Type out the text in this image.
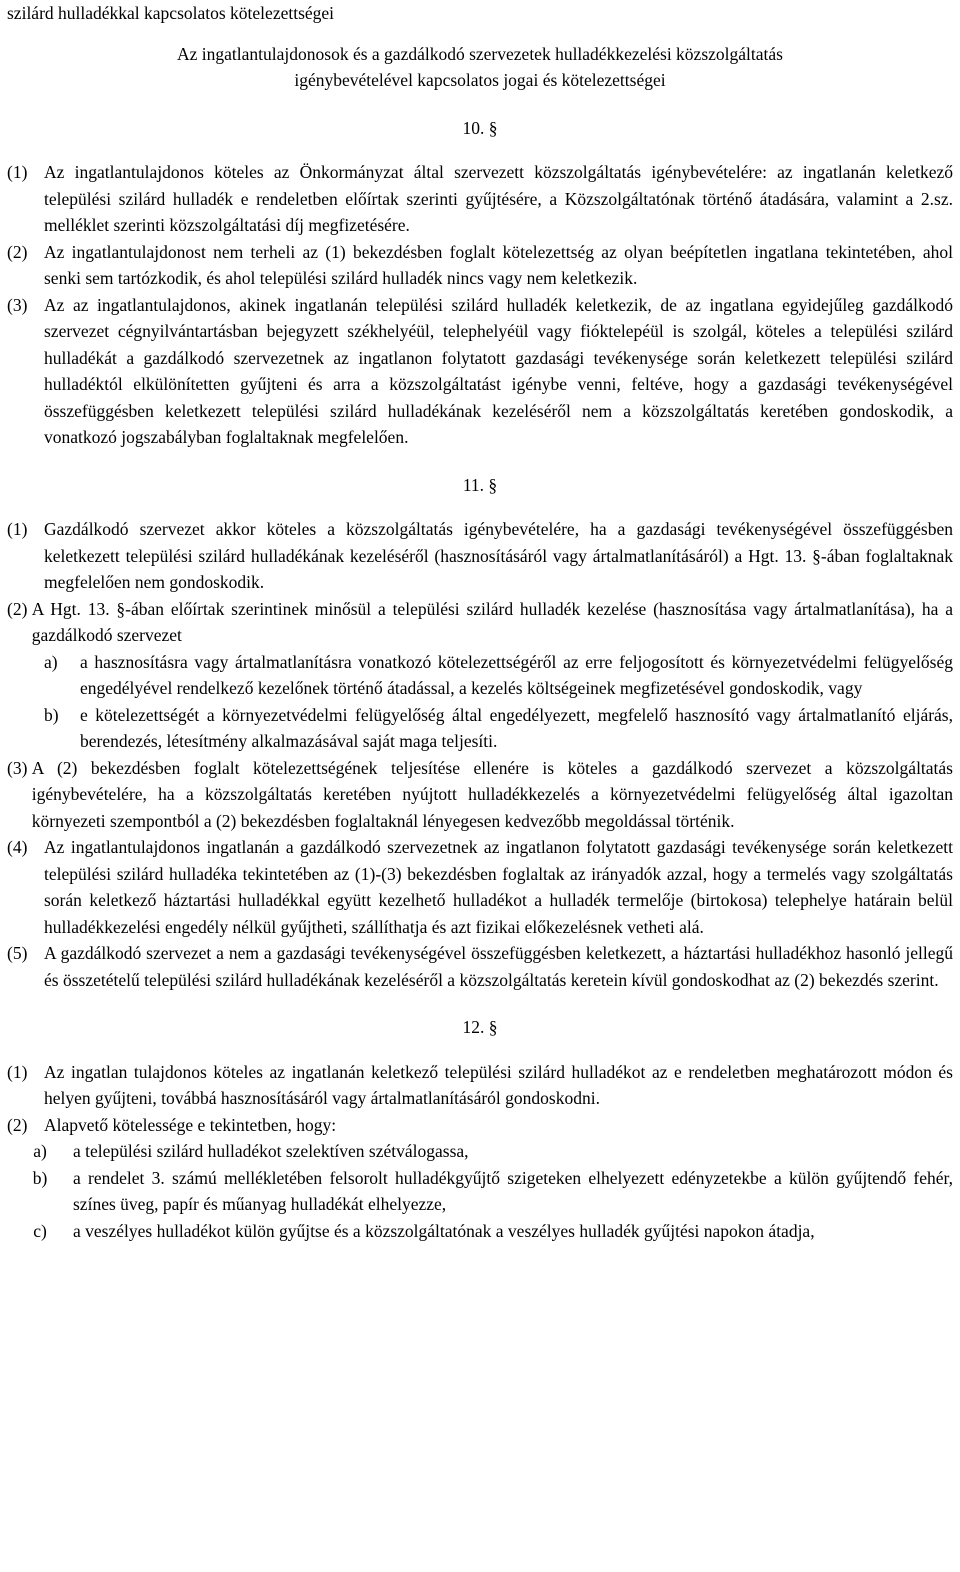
szilárd hulladékkal kapcsolatos kötelezettségei

Az ingatlantulajdonosok és a gazdálkodó szervezetek hulladékkezelési közszolgáltatás
igénybevételével kapcsolatos jogai és kötelezettségei
10. §
(1) Az ingatlantulajdonos köteles az Önkormányzat által szervezett közszolgáltatás igénybevételére: az ingatlanán keletkező települési szilárd hulladék e rendeletben előírtak szerinti gyűjtésére, a Közszolgáltatónak történő átadására, valamint a 2.sz. melléklet szerinti közszolgáltatási díj megfizetésére.
(2) Az ingatlantulajdonost nem terheli az (1) bekezdésben foglalt kötelezettség az olyan beépítetlen ingatlana tekintetében, ahol senki sem tartózkodik, és ahol települési szilárd hulladék nincs vagy nem keletkezik.
(3) Az az ingatlantulajdonos, akinek ingatlanán települési szilárd hulladék keletkezik, de az ingatlana egyidejűleg gazdálkodó szervezet cégnyilvántartásban bejegyzett székhelyéül, telephelyéül vagy fióktelepéül is szolgál, köteles a települési szilárd hulladékát a gazdálkodó szervezetnek az ingatlanon folytatott gazdasági tevékenysége során keletkezett települési szilárd hulladéktól elkülönítetten gyűjteni és arra a közszolgáltatást igénybe venni, feltéve, hogy a gazdasági tevékenységével összefüggésben keletkezett települési szilárd hulladékának kezeléséről nem a közszolgáltatás keretében gondoskodik, a vonatkozó jogszabályban foglaltaknak megfelelően.
11. §
(1) Gazdálkodó szervezet akkor köteles a közszolgáltatás igénybevételére, ha a gazdasági tevékenységével összefüggésben keletkezett települési szilárd hulladékának kezeléséről (hasznosításáról vagy ártalmatlanításáról) a Hgt. 13. §-ában foglaltaknak megfelelően nem gondoskodik.
(2) A Hgt. 13. §-ában előírtak szerintinek minősül a települési szilárd hulladék kezelése (hasznosítása vagy ártalmatlanítása), ha a gazdálkodó szervezet
a)	a hasznosításra vagy ártalmatlanításra vonatkozó kötelezettségéről az erre feljogosított és környezetvédelmi felügyelőség engedélyével rendelkező kezelőnek történő átadással, a kezelés költségeinek megfizetésével gondoskodik, vagy
b)	e kötelezettségét a környezetvédelmi felügyelőség által engedélyezett, megfelelő hasznosító vagy ártalmatlanító eljárás, berendezés, létesítmény alkalmazásával saját maga teljesíti.
(3) A (2) bekezdésben foglalt kötelezettségének teljesítése ellenére is köteles a gazdálkodó szervezet a közszolgáltatás igénybevételére, ha a közszolgáltatás keretében nyújtott hulladékkezelés a környezetvédelmi felügyelőség által igazoltan környezeti szempontból a (2) bekezdésben foglaltaknál lényegesen kedvezőbb megoldással történik.
(4) Az ingatlantulajdonos ingatlanán a gazdálkodó szervezetnek az ingatlanon folytatott gazdasági tevékenysége során keletkezett települési szilárd hulladéka tekintetében az (1)-(3) bekezdésben foglaltak az irányadók azzal, hogy a termelés vagy szolgáltatás során keletkező háztartási hulladékkal együtt kezelhető hulladékot a hulladék termelője (birtokosa) telephelye határain belül hulladékkezelési engedély nélkül gyűjtheti, szállíthatja és azt fizikai előkezelésnek vetheti alá.
(5) A gazdálkodó szervezet a nem a gazdasági tevékenységével összefüggésben keletkezett, a háztartási hulladékhoz hasonló jellegű és összetételű települési szilárd hulladékának kezeléséről a közszolgáltatás keretein kívül gondoskodhat az (2) bekezdés szerint.
12. §
(1) Az ingatlan tulajdonos köteles az ingatlanán keletkező települési szilárd hulladékot az e rendeletben meghatározott módon és helyen gyűjteni, továbbá hasznosításáról vagy ártalmatlanításáról gondoskodni.
(2) Alapvető kötelessége e tekintetben, hogy:
a)	a települési szilárd hulladékot szelektíven szétválogassa,
b)	a rendelet 3. számú mellékletében felsorolt hulladékgyűjtő szigeteken elhelyezett edényzetekbe a külön gyűjtendő fehér, színes üveg, papír és műanyag hulladékát elhelyezze,
c)	a veszélyes hulladékot külön gyűjtse és a közszolgáltatónak a veszélyes hulladék gyűjtési napokon átadja,
